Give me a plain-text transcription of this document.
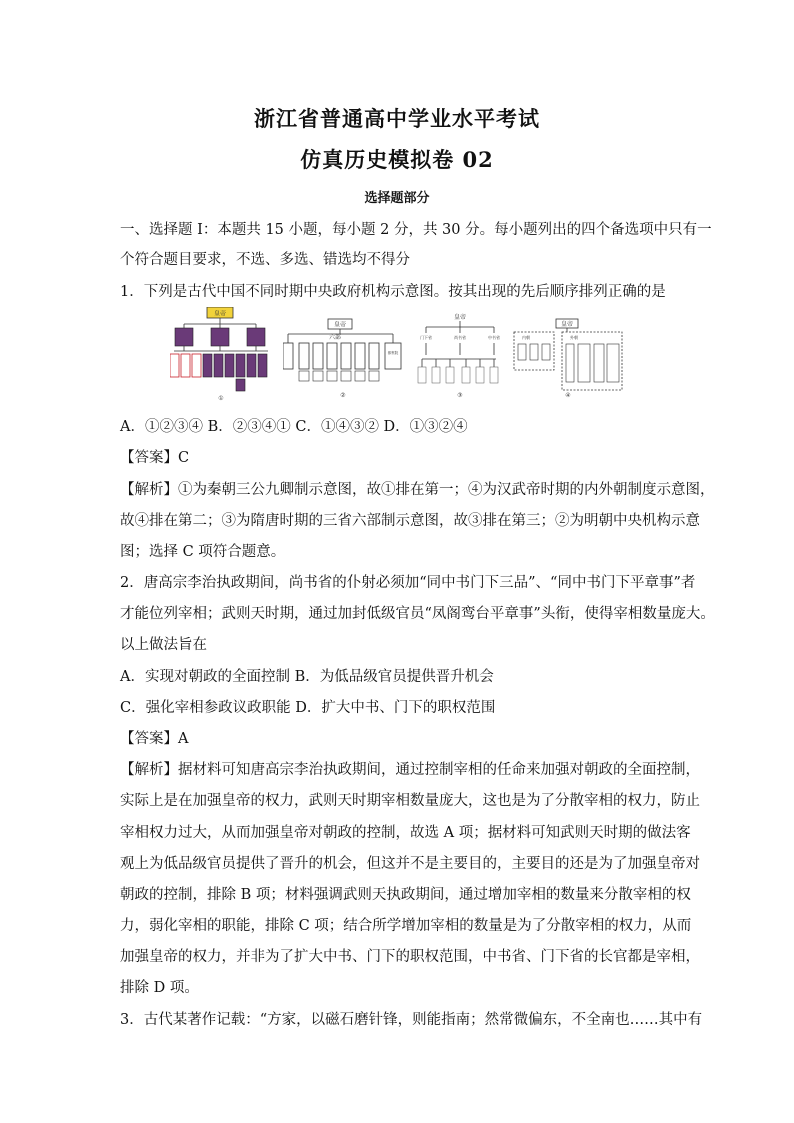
浙江省普通高中学业水平考试
仿真历史模拟卷 02
选择题部分
一、选择题 I：本题共 15 小题，每小题 2 分，共 30 分。每小题列出的四个备选项中只有一
个符合题目要求，不选、多选、错选均不得分
1．下列是古代中国不同时期中央政府机构示意图。按其出现的先后顺序排列正确的是
皇帝
①
皇帝
六部
都察院
②
皇帝
门下省	尚书省	中书省
③
皇帝
内朝	外朝
④
A．①②③④ B．②③④① C．①④③② D．①③②④
【答案】C
【解析】①为秦朝三公九卿制示意图，故①排在第一；④为汉武帝时期的内外朝制度示意图，
故④排在第二；③为隋唐时期的三省六部制示意图，故③排在第三；②为明朝中央机构示意
图；选择 C 项符合题意。
2．唐高宗李治执政期间，尚书省的仆射必须加“同中书门下三品”、“同中书门下平章事”者
才能位列宰相；武则天时期，通过加封低级官员“凤阁鸾台平章事”头衔，使得宰相数量庞大。
以上做法旨在
A．实现对朝政的全面控制 B．为低品级官员提供晋升机会
C．强化宰相参政议政职能 D．扩大中书、门下的职权范围
【答案】A
【解析】据材料可知唐高宗李治执政期间，通过控制宰相的任命来加强对朝政的全面控制，
实际上是在加强皇帝的权力，武则天时期宰相数量庞大，这也是为了分散宰相的权力，防止
宰相权力过大，从而加强皇帝对朝政的控制，故选 A 项；据材料可知武则天时期的做法客
观上为低品级官员提供了晋升的机会，但这并不是主要目的，主要目的还是为了加强皇帝对
朝政的控制，排除 B 项；材料强调武则天执政期间，通过增加宰相的数量来分散宰相的权
力，弱化宰相的职能，排除 C 项；结合所学增加宰相的数量是为了分散宰相的权力，从而
加强皇帝的权力，并非为了扩大中书、门下的职权范围，中书省、门下省的长官都是宰相，
排除 D 项。
3．古代某著作记载：“方家，以磁石磨针锋，则能指南；然常微偏东，不全南也……其中有
